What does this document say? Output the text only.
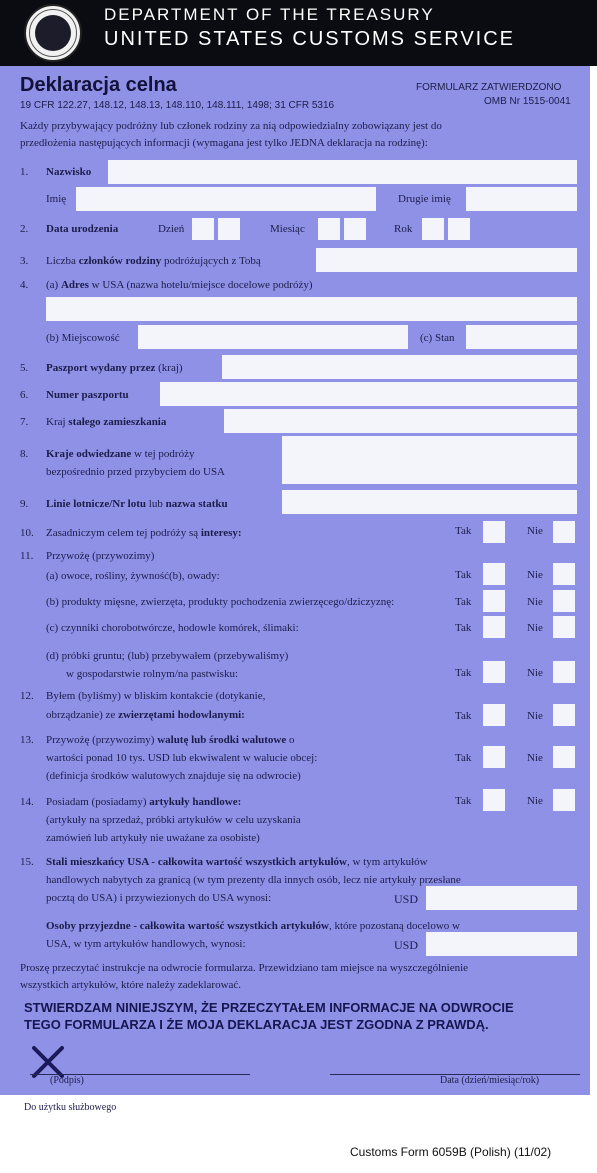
DEPARTMENT OF THE TREASURY
UNITED STATES CUSTOMS SERVICE
Deklaracja celna	FORMULARZ ZATWIERDZONO
19 CFR 122.27, 148.12, 148.13, 148.110, 148.111, 1498; 31 CFR 5316	OMB Nr 1515-0041
Każdy przybywający podróżny lub członek rodziny za nią odpowiedzialny zobowiązany jest do
przedłożenia następujących informacji (wymagana jest tylko JEDNA deklaracja na rodzinę):
1. Nazwisko
Imię	Drugie imię
2. Data urodzenia	Dzień	Miesiąc	Rok
3. Liczba członków rodziny podróżujących z Tobą
4. (a) Adres w USA (nazwa hotelu/miejsce docelowe podróży)
(b) Miejscowość	(c) Stan
5. Paszport wydany przez (kraj)
6. Numer paszportu
7. Kraj stałego zamieszkania
8. Kraje odwiedzane w tej podróży
bezpośrednio przed przybyciem do USA
9. Linie lotnicze/Nr lotu lub nazwa statku
10. Zasadniczym celem tej podróży są interesy:	Tak	Nie
11. Przywożę (przywozimy)
(a) owoce, rośliny, żywność(b), owady:	Tak	Nie
(b) produkty mięsne, zwierzęta, produkty pochodzenia zwierzęcego/dziczyznę:	Tak	Nie
(c) czynniki chorobotwórcze, hodowle komórek, ślimaki:	Tak	Nie
(d) próbki gruntu; (lub) przebywałem (przebywaliśmy)
w gospodarstwie rolnym/na pastwisku:	Tak	Nie
12. Byłem (byliśmy) w bliskim kontakcie (dotykanie,
obrządzanie) ze zwierzętami hodowlanymi:	Tak	Nie
13. Przywożę (przywozimy) walutę lub środki walutowe o
wartości ponad 10 tys. USD lub ekwiwalent w walucie obcej:
(definicja środków walutowych znajduje się na odwrocie)
Tak	Nie
14. Posiadam (posiadamy) artykuły handlowe:
(artykuły na sprzedaż, próbki artykułów w celu uzyskania
zamówień lub artykuły nie uważane za osobiste)
Tak	Nie
15. Stali mieszkańcy USA - całkowita wartość wszystkich artykułów, w tym artykułów
handlowych nabytych za granicą (w tym prezenty dla innych osób, lecz nie artykuły przesłane
pocztą do USA) i przywiezionych do USA wynosi:	USD
Osoby przyjezdne - całkowita wartość wszystkich artykułów, które pozostaną docelowo w
USA, w tym artykułów handlowych, wynosi:	USD
Proszę przeczytać instrukcje na odwrocie formularza. Przewidziano tam miejsce na wyszczególnienie
wszystkich artykułów, które należy zadeklarować.
STWIERDZAM NINIEJSZYM, ŻE PRZECZYTAŁEM INFORMACJE NA ODWROCIE
TEGO FORMULARZA I ŻE MOJA DEKLARACJA JEST ZGODNA Z PRAWDĄ.
(Podpis)	Data (dzień/miesiąc/rok)
Do użytku służbowego
Customs Form 6059B (Polish) (11/02)
